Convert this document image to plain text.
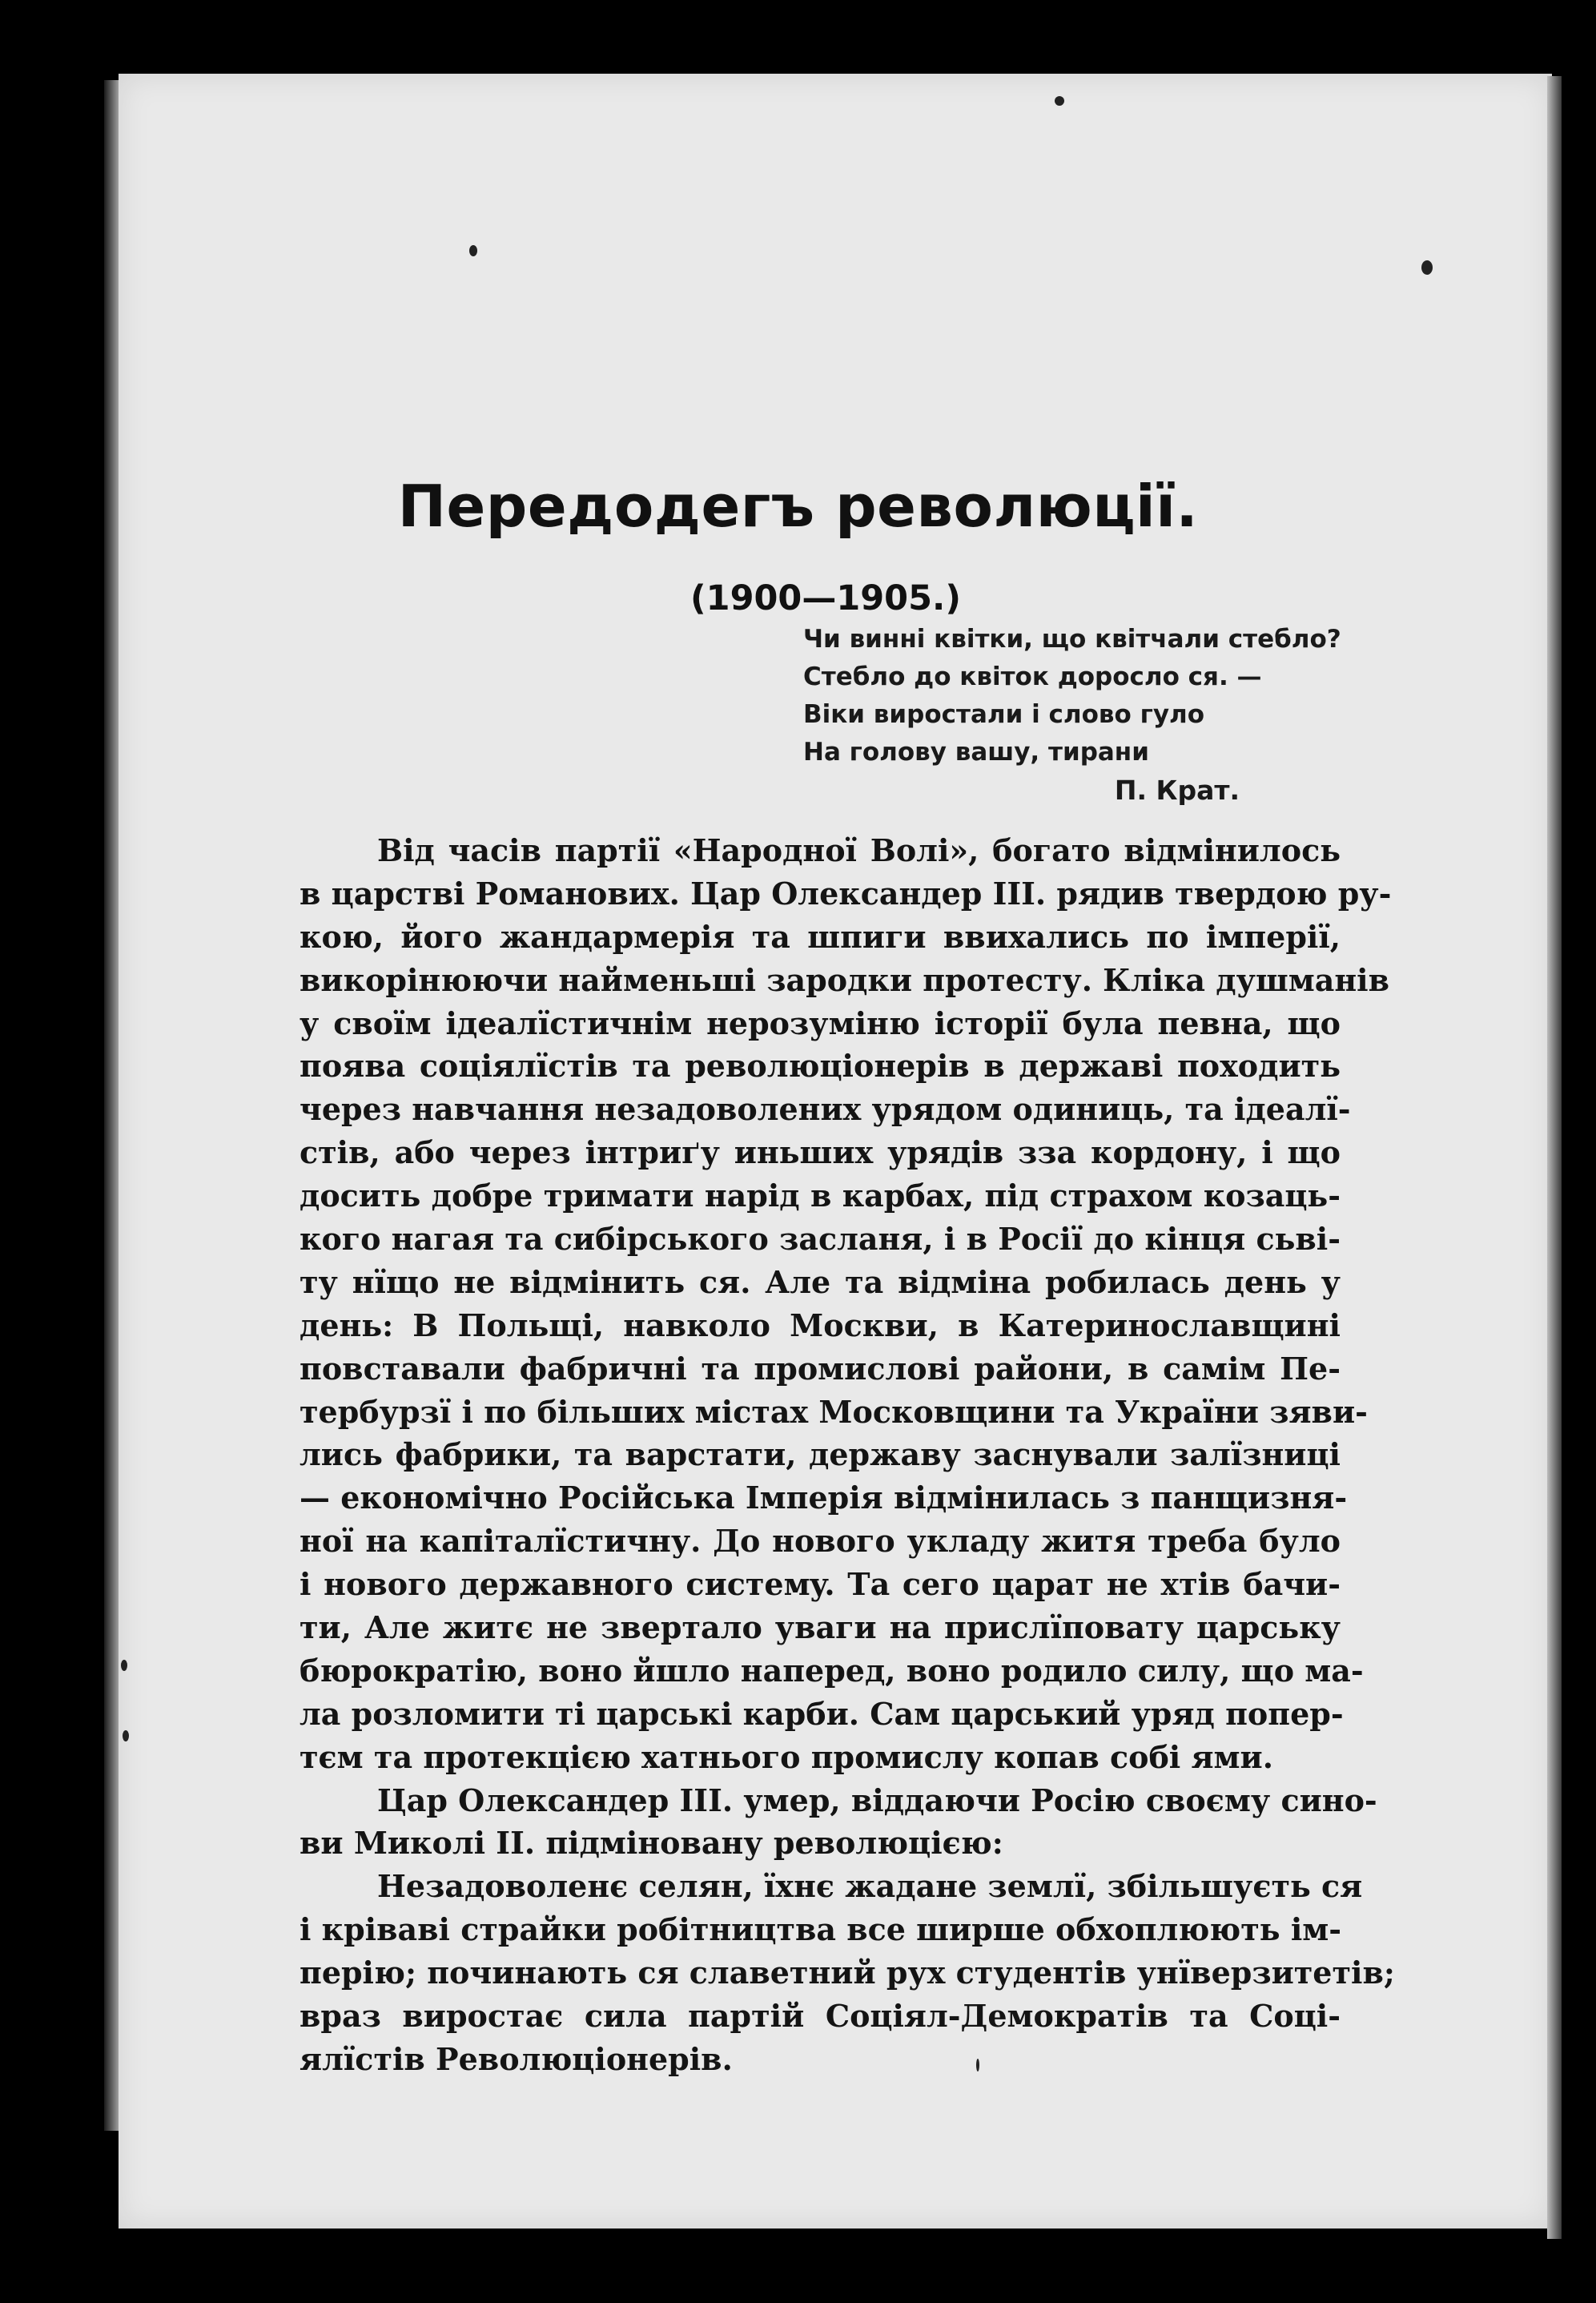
Передодегъ революції.
(1900—1905.)
Чи винні квітки, що квітчали стебло?
Стебло до квіток доросло ся. —
Віки виростали і слово гуло
На голову вашу, тирани
П. Крат.
Від часів партії «Народної Волі», богато відмінилось
в царстві Романових. Цар Олександер III. рядив твердою ру-
кою, його жандармерія та шпиги ввихались по імперії,
викорінюючи найменьші зародки протесту. Кліка душманів
у своїм ідеалїстичнім нерозуміню історії була певна, що
поява соціялїстів та революціонерів в державі походить
через навчання незадоволених урядом одиниць, та ідеалї-
стів, або через інтриґу иньших урядів зза кордону, і що
досить добре тримати нарід в карбах, під страхом козаць-
кого нагая та сибірського засланя, і в Росії до кінця сьві-
ту нїщо не відмінить ся. Але та відміна робилась день у
день: В Польщі, навколо Москви, в Катеринославщині
повставали фабричні та промислові райони, в самім Пе-
тербурзї і по більших містах Московщини та України зяви-
лись фабрики, та варстати, державу заснували залїзниці
— економічно Російська Імперія відмінилась з панщизня-
ної на капіталїстичну. До нового укладу житя треба було
і нового державного системy. Та сего царат не хтів бачи-
ти, Але житє не звертало уваги на прислїповату царську
бюрократію, воно йшло наперед, воно родило силу, що ма-
ла розломити ті царські карби. Сам царський уряд попер-
тєм та протекцією хатнього промислу копав собі ями.
Цар Олександер III. умер, віддаючи Росію своєму сино-
ви Миколі II. підміновану революцією:
Незадоволенє селян, їхнє жадане землї, збільшуєть ся
і кріваві страйки робітництва все ширше обхоплюють ім-
перію; починають ся славетний рух студентів унїверзитетів;
враз виростає сила партій Соціял-Демократів та Соці-
ялїстів Революціонерів.
